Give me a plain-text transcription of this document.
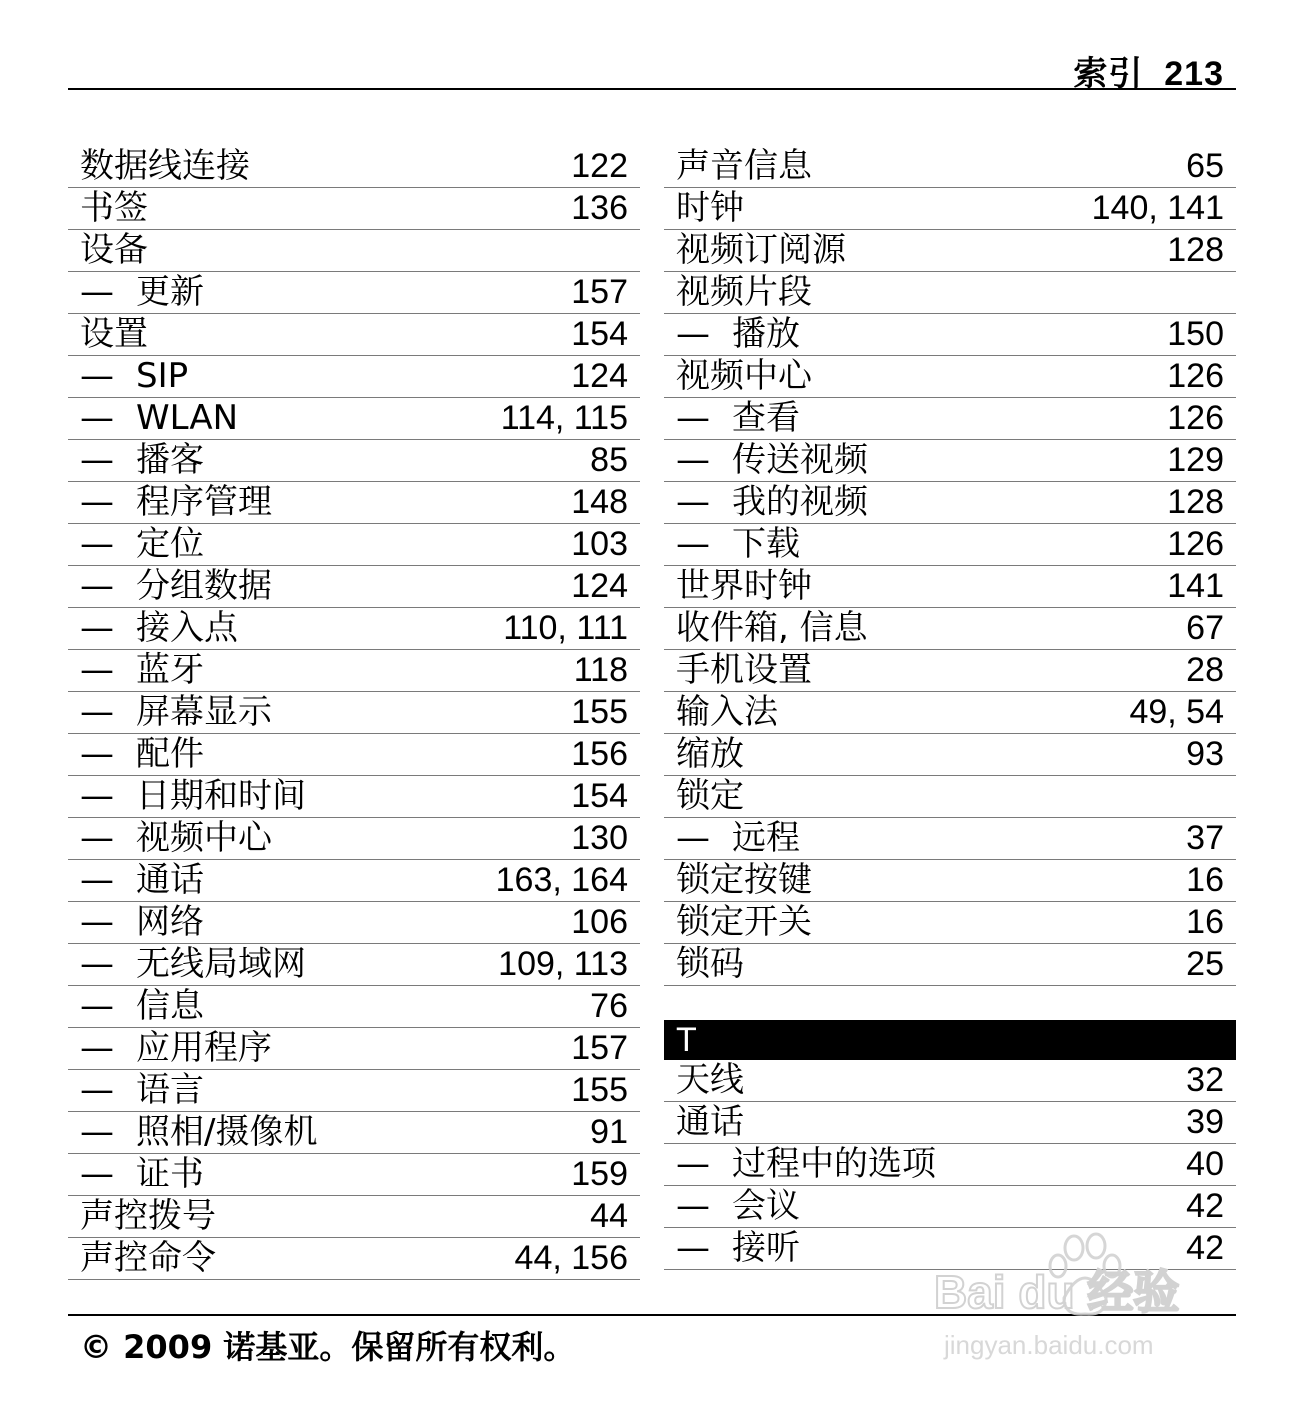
索引 213
数据线连接	122
书签	136
设备
— 更新	157
设置	154
— SIP	124
— WLAN	114, 115
— 播客	85
— 程序管理	148
— 定位	103
— 分组数据	124
— 接入点	110, 111
— 蓝牙	118
— 屏幕显示	155
— 配件	156
— 日期和时间	154
— 视频中心	130
— 通话	163, 164
— 网络	106
— 无线局域网	109, 113
— 信息	76
— 应用程序	157
— 语言	155
— 照相/摄像机	91
— 证书	159
声控拨号	44
声控命令	44, 156
声音信息	65
时钟	140, 141
视频订阅源	128
视频片段
— 播放	150
视频中心	126
— 查看	126
— 传送视频	129
— 我的视频	128
— 下载	126
世界时钟	141
收件箱, 信息	67
手机设置	28
输入法	49, 54
缩放	93
锁定
— 远程	37
锁定按键	16
锁定开关	16
锁码	25
T
天线	32
通话	39
— 过程中的选项	40
— 会议	42
— 接听	42
© 2009 诺基亚。保留所有权利。
Bai du 经验
jingyan.baidu.com
